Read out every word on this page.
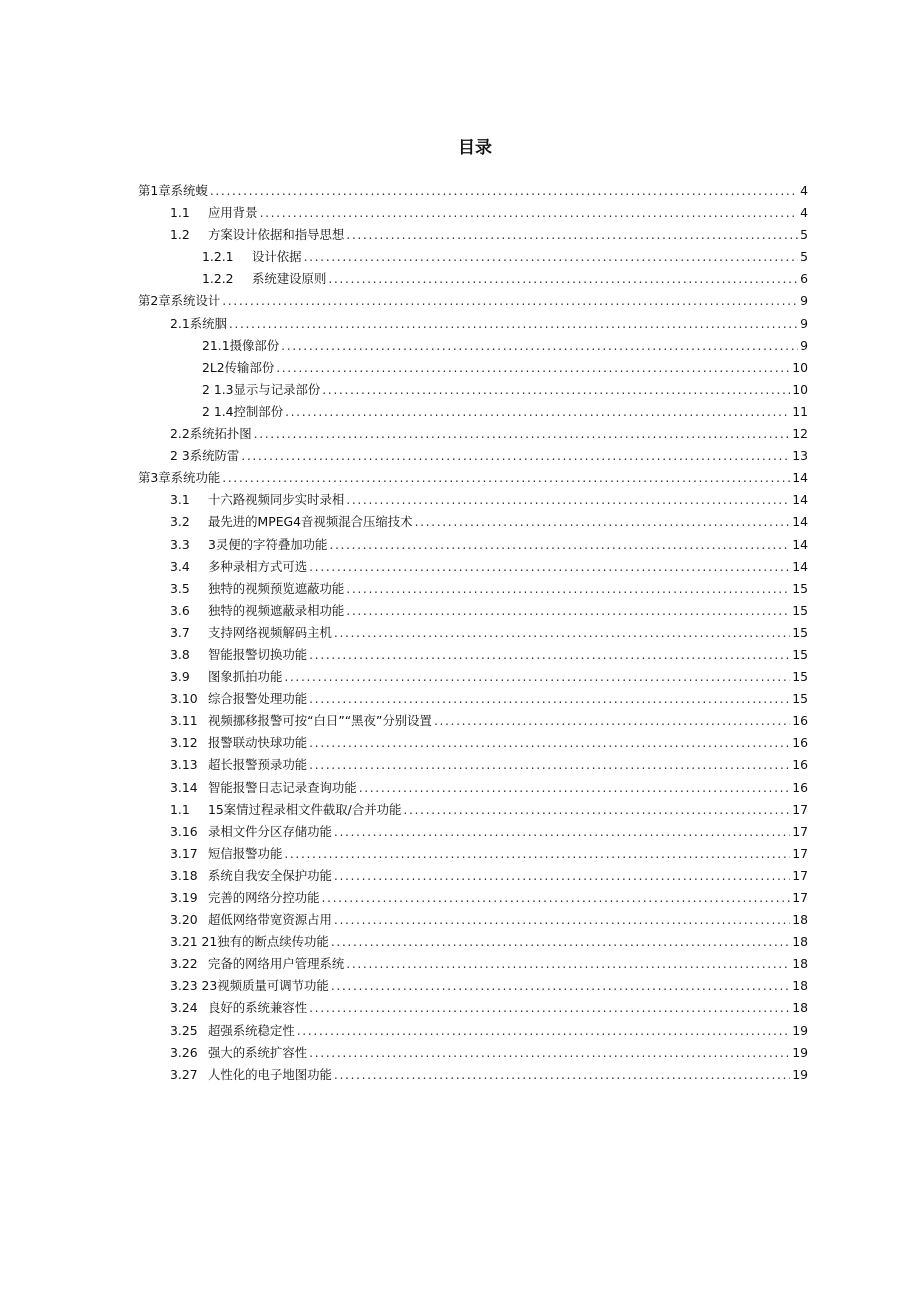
目录
第1章系统蝮 .....	4
1.1	应用背景 .....	4
1.2	方案设计依据和指导思想 .....	5
1.2.1	设计依据 .....	5
1.2.2	系统建设原则 .....	6
第2章系统设计 .....	9
2.1系统胭 .....	9
21.1摄像部份 .....	9
2L2传输部份 .....	10
2 1.3显示与记录部份 .....	10
2 1.4控制部份 .....	11
2.2系统拓扑图 .....	12
2 3系统防雷 .....	13
第3章系统功能 .....	14
3.1	十六路视频同步实时录相 .....	14
3.2	最先进的MPEG4音视频混合压缩技术 .....	14
3.3	3灵便的字符叠加功能 .....	14
3.4	多种录相方式可选 .....	14
3.5	独特的视频预览遮蔽功能 .....	15
3.6	独特的视频遮蔽录相功能 .....	15
3.7	支持网络视频解码主机 .....	15
3.8	智能报警切换功能 .....	15
3.9	图象抓拍功能 .....	15
3.10 综合报警处理功能 .....	15
3.11 视频挪移报警可按“白日”“黑夜”分别设置 .....	16
3.12 报警联动快球功能 .....	16
3.13 超长报警预录功能 .....	16
3.14 智能报警日志记录查询功能 .....	16
1.1	15案情过程录相文件截取/合并功能 .....	17
3.16 录相文件分区存储功能 .....	17
3.17 短信报警功能 .....	17
3.18 系统自我安全保护功能 .....	17
3.19 完善的网络分控功能 .....	17
3.20 超低网络带宽资源占用 .....	18
3.21 21独有的断点续传功能 .....	18
3.22 完备的网络用户管理系统 .....	18
3.23 23视频质量可调节功能 .....	18
3.24 良好的系统兼容性 .....	18
3.25 超强系统稳定性 .....	19
3.26 强大的系统扩容性 .....	19
3.27 人性化的电子地图功能 .....	19
